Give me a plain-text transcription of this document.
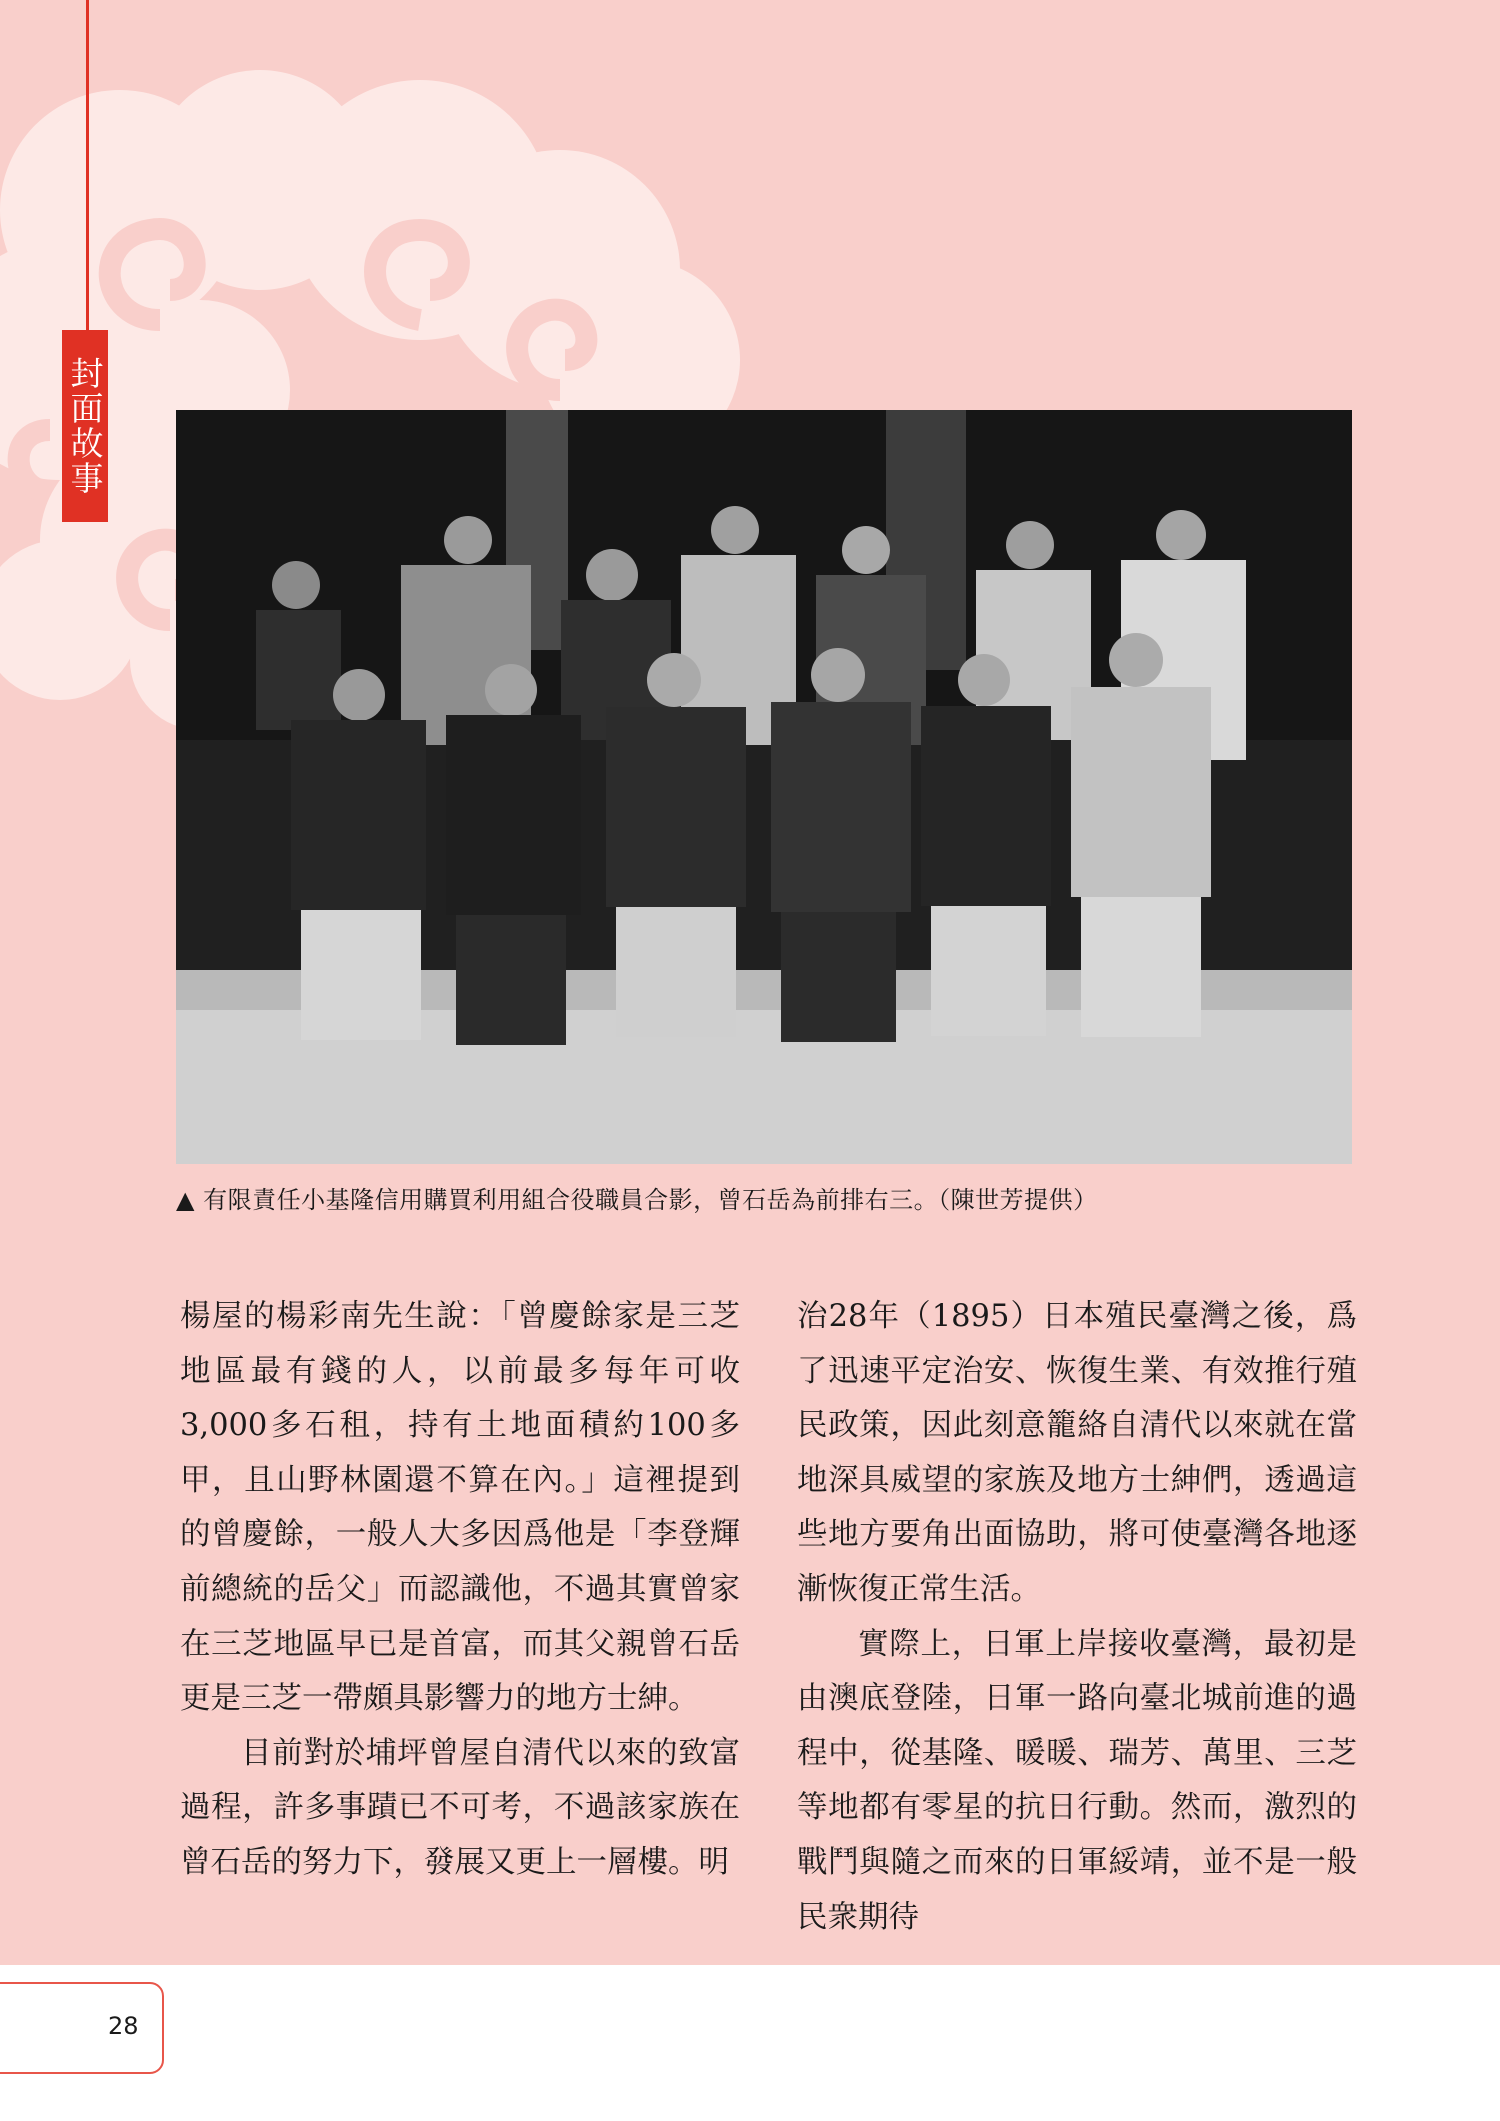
封面故事
▲ 有限責任小基隆信用購買利用組合役職員合影，曾石岳為前排右三。（陳世芳提供）

楊屋的楊彩南先生說：「曾慶餘家是三芝地區最有錢的人，以前最多每年可收3,000多石租，持有土地面積約100多甲，且山野林園還不算在內。」這裡提到的曾慶餘，一般人大多因爲他是「李登輝前總統的岳父」而認識他，不過其實曾家在三芝地區早已是首富，而其父親曾石岳更是三芝一帶頗具影響力的地方士紳。

目前對於埔坪曾屋自清代以來的致富過程，許多事蹟已不可考，不過該家族在曾石岳的努力下，發展又更上一層樓。明

治28年（1895）日本殖民臺灣之後，爲了迅速平定治安、恢復生業、有效推行殖民政策，因此刻意籠絡自清代以來就在當地深具威望的家族及地方士紳們，透過這些地方要角出面協助，將可使臺灣各地逐漸恢復正常生活。

實際上，日軍上岸接收臺灣，最初是由澳底登陸，日軍一路向臺北城前進的過程中，從基隆、暖暖、瑞芳、萬里、三芝等地都有零星的抗日行動。然而，激烈的戰鬥與隨之而來的日軍綏靖，並不是一般民衆期待

28
